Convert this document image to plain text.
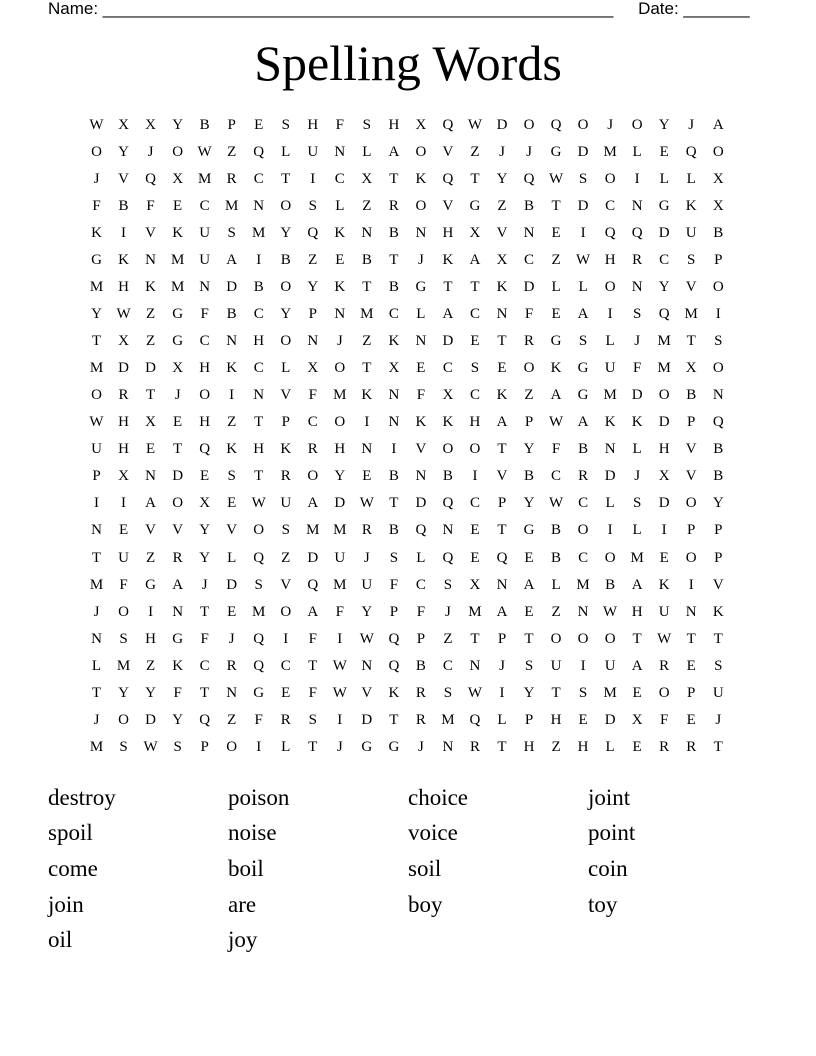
Name: ______________________________________________________ Date: _______
Spelling Words
W X	X	Y	B	P	E	S	H	F	S	H	X	Q W D	O	Q	O	J	O	Y	J	A
O	Y	J	O W	Z	Q	L	U	N	L	A	O	V	Z	J	J	G	D M	L	E	Q	O
J	V	Q	X M	R	C	T	I	C	X	T	K	Q	T	Y	Q W	S	O	I	L	L	X
F	B	F	E	C	M N	O	S	L	Z	R	O	V	G	Z	B	T	D	C	N	G	K	X
K	I	V	K	U	S	M Y	Q	K	N	B	N	H	X	V	N	E	I	Q	Q	D	U	B
G	K	N M U	A	I	B	Z	E	B	T	J	K	A	X	C	Z	W H	R	C	S	P
M H	K M N	D	B	O	Y	K	T	B	G	T	T	K	D	L	L	O	N	Y	V	O
Y W	Z	G	F	B	C	Y	P	N M	C	L	A	C	N	F	E	A	I	S	Q M	I
T	X	Z	G	C	N	H	O	N	J	Z	K	N	D	E	T	R	G	S	L	J	M	T	S
M D	D	X	H	K	C	L	X	O	T	X	E	C	S	E	O	K	G	U	F	M X	O
O	R	T	J	O	I	N	V	F	M K	N	F	X	C	K	Z	A	G M D	O	B	N
W H	X	E	H	Z	T	P	C	O	I	N	K	K	H	A	P	W A	K	K	D	P	Q
U	H	E	T	Q	K	H	K	R	H	N	I	V	O	O	T	Y	F	B	N	L	H	V	B
P	X	N	D	E	S	T	R	O	Y	E	B	N	B	I	V	B	C	R	D	J	X	V	B
I	I	A	O	X	E	W U	A	D W	T	D	Q	C	P	Y W C	L	S	D	O	Y
N	E	V	V	Y	V	O	S	M M	R	B	Q	N	E	T	G	B	O	I	L	I	P	P
T	U	Z	R	Y	L	Q	Z	D	U	J	S	L	Q	E	Q	E	B	C	O M	E	O	P
M	F	G	A	J	D	S	V	Q M U	F	C	S	X	N	A	L	M	B	A	K	I	V
J	O	I	N	T	E	M O	A	F	Y	P	F	J	M A	E	Z	N W H	U	N	K
N	S	H	G	F	J	Q	I	F	I	W Q	P	Z	T	P	T	O	O	O	T	W	T	T
L	M	Z	K	C	R	Q	C	T	W N	Q	B	C	N	J	S	U	I	U	A	R	E	S
T	Y	Y	F	T	N	G	E	F	W V	K	R	S	W	I	Y	T	S	M	E	O	P	U
J	O	D	Y	Q	Z	F	R	S	I	D	T	R	M Q	L	P	H	E	D	X	F	E	J
M	S	W	S	P	O	I	L	T	J	G	G	J	N	R	T	H	Z	H	L	E	R	R	T
destroy	poison	choice	joint
spoil	noise	voice	point
come	boil	soil	coin
join	are	boy	toy
oil	joy
